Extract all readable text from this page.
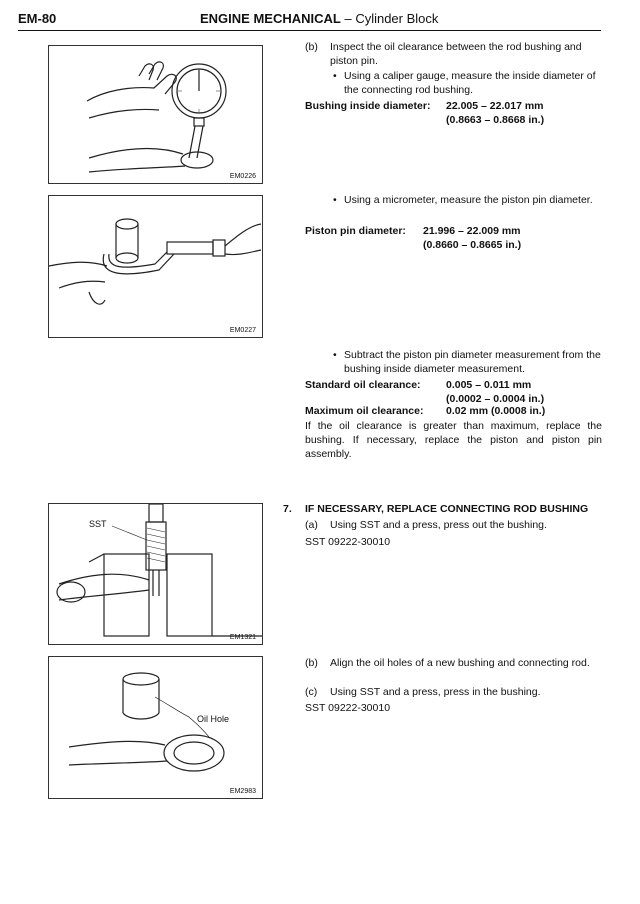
EM-80	ENGINE MECHANICAL – Cylinder Block
EM0226
EM0227
SST
EM1321
Oil Hole
EM2983
(b) Inspect the oil clearance between the rod bushing and piston pin.
• Using a caliper gauge, measure the inside diameter of the connecting rod bushing.
Bushing inside diameter: 22.005 – 22.017 mm
(0.8663 – 0.8668 in.)
• Using a micrometer, measure the piston pin diameter.
Piston pin diameter: 21.996 – 22.009 mm
(0.8660 – 0.8665 in.)
• Subtract the piston pin diameter measurement from the bushing inside diameter measurement.
Standard oil clearance: 0.005 – 0.011 mm
(0.0002 – 0.0004 in.)
Maximum oil clearance: 0.02 mm (0.0008 in.)
If the oil clearance is greater than maximum, replace the bushing. If necessary, replace the piston and piston pin assembly.
7. IF NECESSARY, REPLACE CONNECTING ROD BUSHING
(a) Using SST and a press, press out the bushing.
SST 09222-30010
(b) Align the oil holes of a new bushing and connecting rod.
(c) Using SST and a press, press in the bushing.
SST 09222-30010
